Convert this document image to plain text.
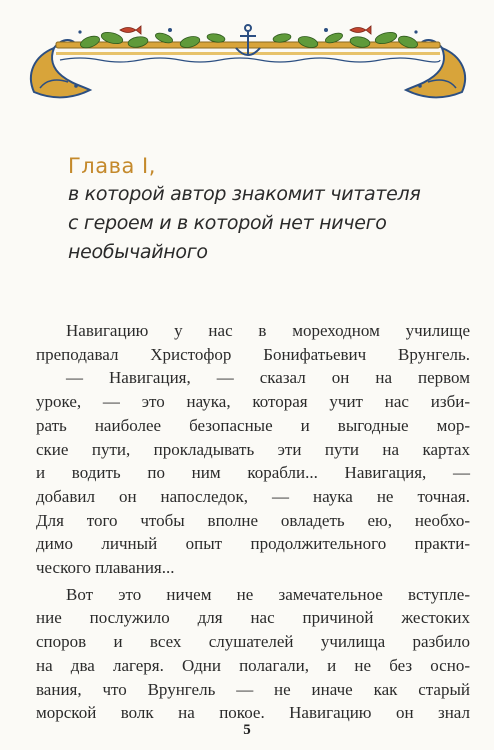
Глава I,
в которой автор знакомит читателя
с героем и в которой нет ничего
необычайного

Навигацию у нас в мореходном училище
преподавал Христофор Бонифатьевич Врунгель.
— Навигация, — сказал он на первом
уроке, — это наука, которая учит нас изби-
рать наиболее безопасные и выгодные мор-
ские пути, прокладывать эти пути на картах
и водить по ним корабли... Навигация, —
добавил он напоследок, — наука не точная.
Для того чтобы вполне овладеть ею, необхо-
димо личный опыт продолжительного практи-
ческого плавания...

Вот это ничем не замечательное вступле-
ние послужило для нас причиной жестоких
споров и всех слушателей училища разбило
на два лагеря. Одни полагали, и не без осно-
вания, что Врунгель — не иначе как старый
морской волк на покое. Навигацию он знал

5
